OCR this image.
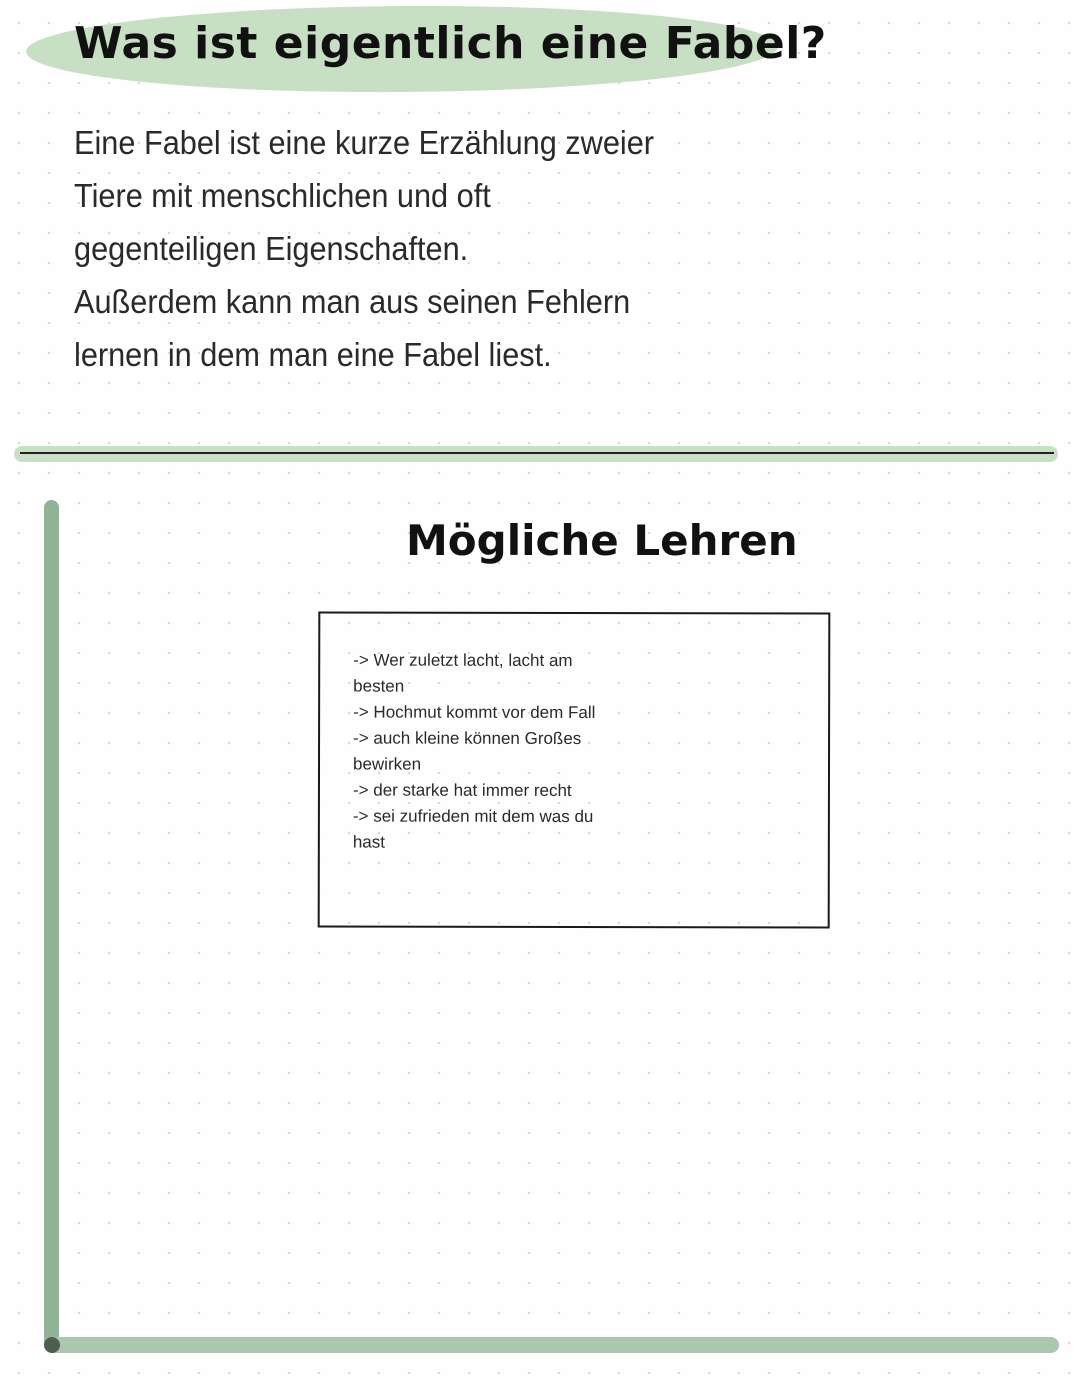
Was ist eigentlich eine Fabel?

Eine Fabel ist eine kurze Erzählung zweier
Tiere mit menschlichen und oft
gegenteiligen Eigenschaften.
Außerdem kann man aus seinen Fehlern
lernen in dem man eine Fabel liest.

Mögliche Lehren
-> Wer zuletzt lacht, lacht am besten
-> Hochmut kommt vor dem Fall
-> auch kleine können Großes bewirken
-> der starke hat immer recht
-> sei zufrieden mit dem was du hast
